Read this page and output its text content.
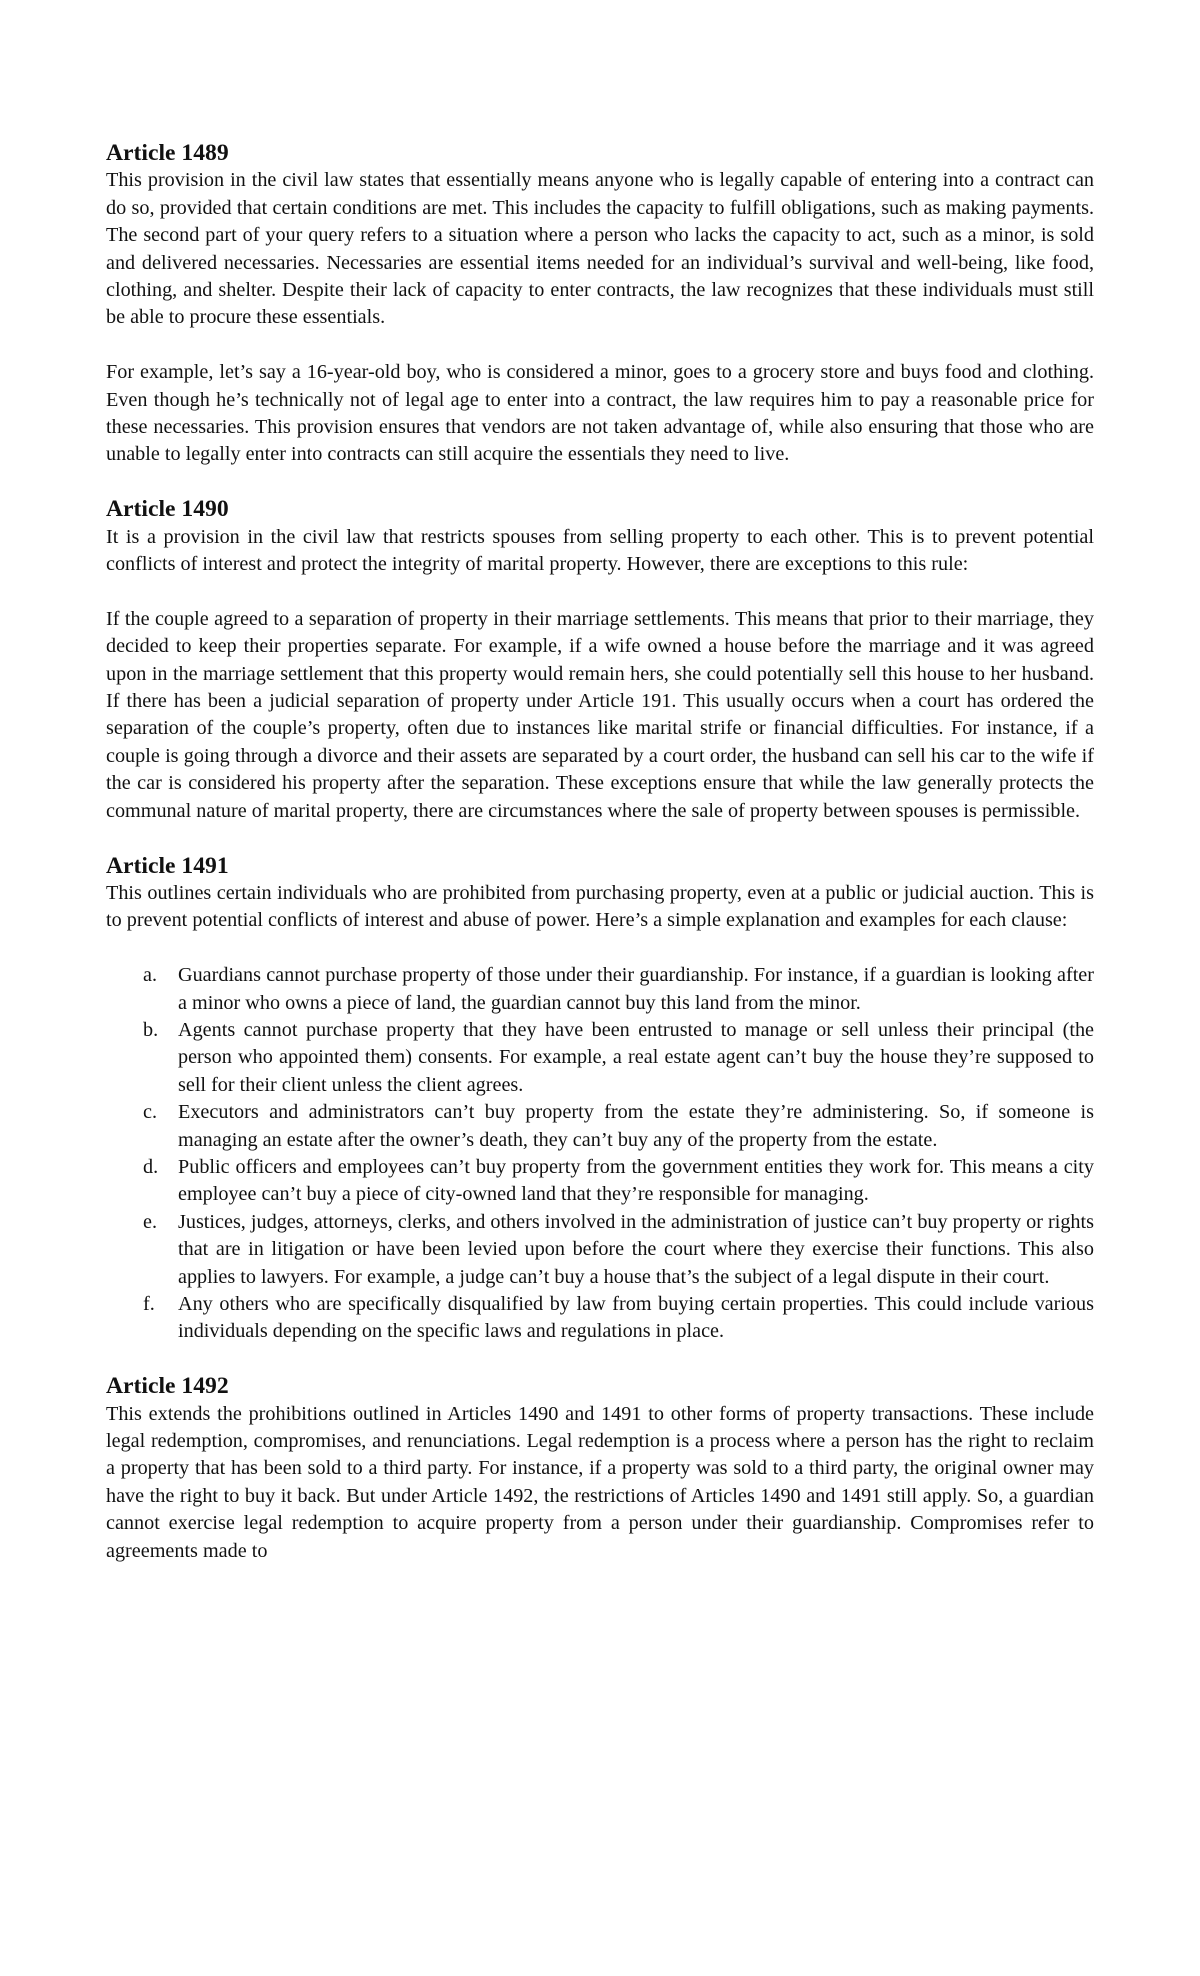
Article 1489

This provision in the civil law states that essentially means anyone who is legally capable of entering into a contract can do so, provided that certain conditions are met. This includes the capacity to fulfill obligations, such as making payments. The second part of your query refers to a situation where a person who lacks the capacity to act, such as a minor, is sold and delivered necessaries. Necessaries are essential items needed for an individual’s survival and well-being, like food, clothing, and shelter. Despite their lack of capacity to enter contracts, the law recognizes that these individuals must still be able to procure these essentials.

For example, let’s say a 16-year-old boy, who is considered a minor, goes to a grocery store and buys food and clothing. Even though he’s technically not of legal age to enter into a contract, the law requires him to pay a reasonable price for these necessaries. This provision ensures that vendors are not taken advantage of, while also ensuring that those who are unable to legally enter into contracts can still acquire the essentials they need to live.

Article 1490

It is a provision in the civil law that restricts spouses from selling property to each other. This is to prevent potential conflicts of interest and protect the integrity of marital property. However, there are exceptions to this rule:

If the couple agreed to a separation of property in their marriage settlements. This means that prior to their marriage, they decided to keep their properties separate. For example, if a wife owned a house before the marriage and it was agreed upon in the marriage settlement that this property would remain hers, she could potentially sell this house to her husband. If there has been a judicial separation of property under Article 191. This usually occurs when a court has ordered the separation of the couple’s property, often due to instances like marital strife or financial difficulties. For instance, if a couple is going through a divorce and their assets are separated by a court order, the husband can sell his car to the wife if the car is considered his property after the separation. These exceptions ensure that while the law generally protects the communal nature of marital property, there are circumstances where the sale of property between spouses is permissible.

Article 1491

This outlines certain individuals who are prohibited from purchasing property, even at a public or judicial auction. This is to prevent potential conflicts of interest and abuse of power. Here’s a simple explanation and examples for each clause:

a. Guardians cannot purchase property of those under their guardianship. For instance, if a guardian is looking after a minor who owns a piece of land, the guardian cannot buy this land from the minor.
b. Agents cannot purchase property that they have been entrusted to manage or sell unless their principal (the person who appointed them) consents. For example, a real estate agent can’t buy the house they’re supposed to sell for their client unless the client agrees.
c. Executors and administrators can’t buy property from the estate they’re administering. So, if someone is managing an estate after the owner’s death, they can’t buy any of the property from the estate.
d. Public officers and employees can’t buy property from the government entities they work for. This means a city employee can’t buy a piece of city-owned land that they’re responsible for managing.
e. Justices, judges, attorneys, clerks, and others involved in the administration of justice can’t buy property or rights that are in litigation or have been levied upon before the court where they exercise their functions. This also applies to lawyers. For example, a judge can’t buy a house that’s the subject of a legal dispute in their court.
f. Any others who are specifically disqualified by law from buying certain properties. This could include various individuals depending on the specific laws and regulations in place.
Article 1492

This extends the prohibitions outlined in Articles 1490 and 1491 to other forms of property transactions. These include legal redemption, compromises, and renunciations. Legal redemption is a process where a person has the right to reclaim a property that has been sold to a third party. For instance, if a property was sold to a third party, the original owner may have the right to buy it back. But under Article 1492, the restrictions of Articles 1490 and 1491 still apply. So, a guardian cannot exercise legal redemption to acquire property from a person under their guardianship. Compromises refer to agreements made to
